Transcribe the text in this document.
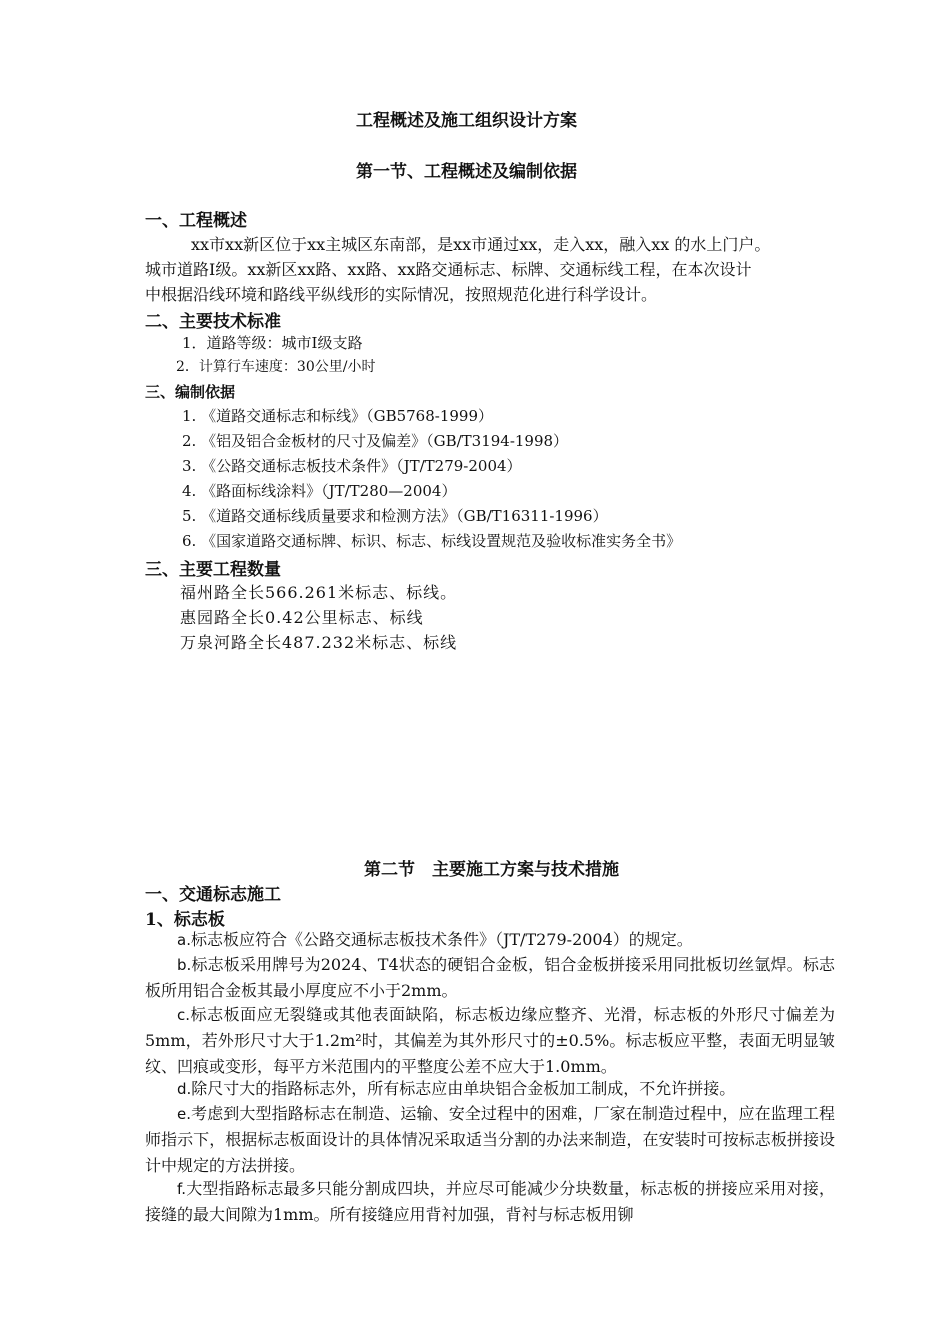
工程概述及施工组织设计方案
第一节、工程概述及编制依据
一、工程概述
xx市xx新区位于xx主城区东南部，是xx市通过xx，走入xx，融入xx 的水上门户。
城市道路Ⅰ级。xx新区xx路、xx路、xx路交通标志、标牌、交通标线工程，在本次设计
中根据沿线环境和路线平纵线形的实际情况，按照规范化进行科学设计。
二、主要技术标准
1．道路等级：城市Ⅰ级支路
2．计算行车速度：30公里/小时
三、编制依据
1. 《道路交通标志和标线》（GB5768-1999）
2. 《铝及铝合金板材的尺寸及偏差》（GB/T3194-1998）
3. 《公路交通标志板技术条件》（JT/T279-2004）
4. 《路面标线涂料》（JT/T280—2004）
5. 《道路交通标线质量要求和检测方法》（GB/T16311-1996）
6. 《国家道路交通标牌、标识、标志、标线设置规范及验收标准实务全书》
三、主要工程数量
福州路全长566.261米标志、标线。
惠园路全长0.42公里标志、标线
万泉河路全长487.232米标志、标线
第二节　主要施工方案与技术措施
一、交通标志施工
1、标志板
a.标志板应符合《公路交通标志板技术条件》（JT/T279-2004）的规定。
b.标志板采用牌号为2024、T4状态的硬铝合金板，铝合金板拼接采用同批板切丝氩焊。标志板所用铝合金板其最小厚度应不小于2mm。
c.标志板面应无裂缝或其他表面缺陷，标志板边缘应整齐、光滑，标志板的外形尺寸偏差为5mm，若外形尺寸大于1.2m²时，其偏差为其外形尺寸的±0.5%。标志板应平整，表面无明显皱纹、凹痕或变形，每平方米范围内的平整度公差不应大于1.0mm。
d.除尺寸大的指路标志外，所有标志应由单块铝合金板加工制成，不允许拼接。
e.考虑到大型指路标志在制造、运输、安全过程中的困难，厂家在制造过程中，应在监理工程师指示下，根据标志板面设计的具体情况采取适当分割的办法来制造，在安装时可按标志板拼接设计中规定的方法拼接。
f.大型指路标志最多只能分割成四块，并应尽可能减少分块数量，标志板的拼接应采用对接，接缝的最大间隙为1mm。所有接缝应用背衬加强，背衬与标志板用铆
